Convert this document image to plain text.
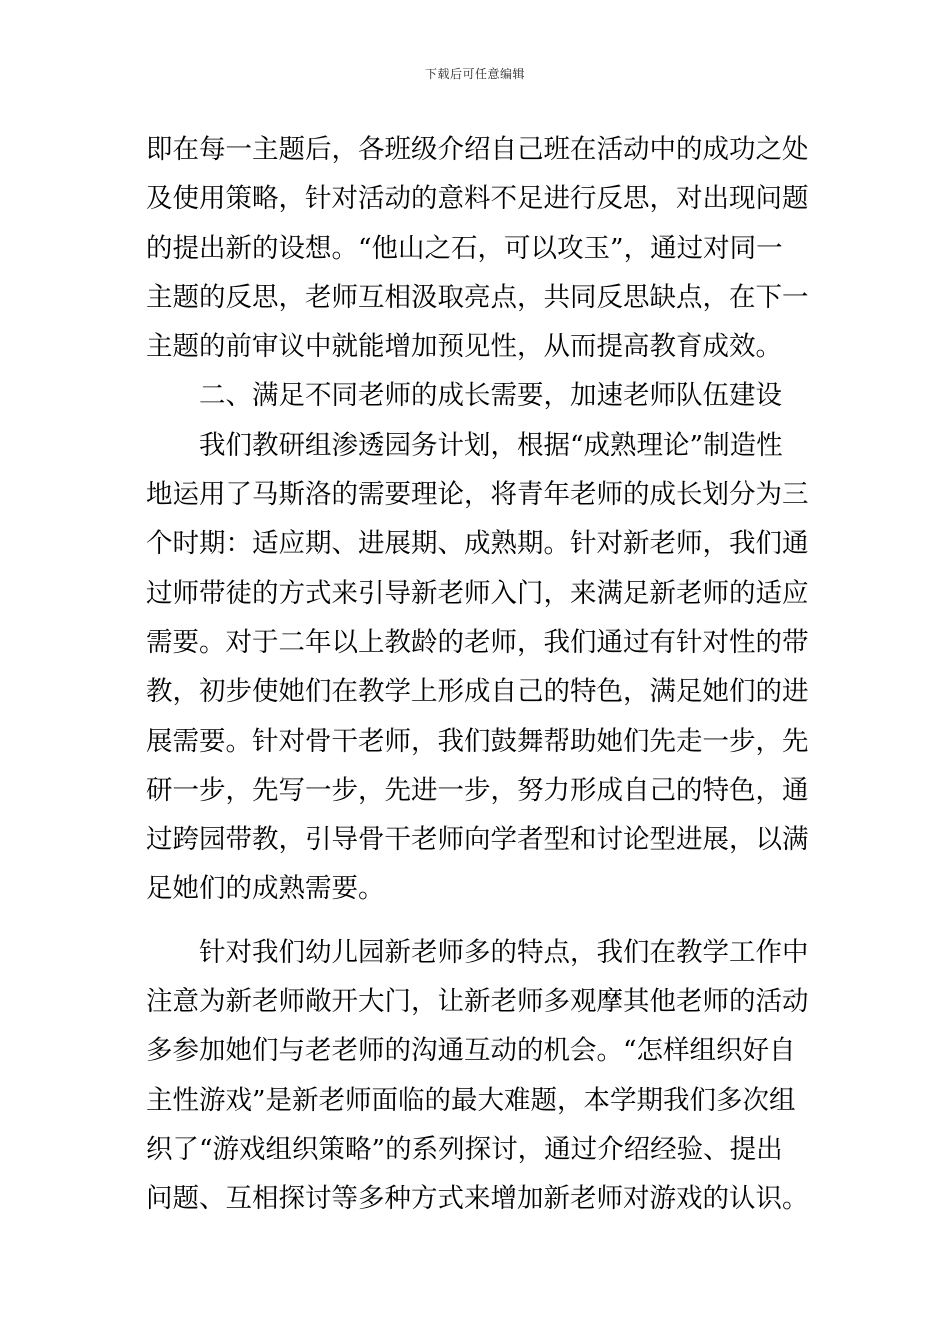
下载后可任意编辑
即在每一主题后，各班级介绍自己班在活动中的成功之处
及使用策略，针对活动的意料不足进行反思，对出现问题
的提出新的设想。“他山之石，可以攻玉”，通过对同一
主题的反思，老师互相汲取亮点，共同反思缺点，在下一
主题的前审议中就能增加预见性，从而提高教育成效。
二、满足不同老师的成长需要，加速老师队伍建设
我们教研组渗透园务计划，根据“成熟理论”制造性
地运用了马斯洛的需要理论，将青年老师的成长划分为三
个时期：适应期、进展期、成熟期。针对新老师，我们通
过师带徒的方式来引导新老师入门，来满足新老师的适应
需要。对于二年以上教龄的老师，我们通过有针对性的带
教，初步使她们在教学上形成自己的特色，满足她们的进
展需要。针对骨干老师，我们鼓舞帮助她们先走一步，先
研一步，先写一步，先进一步，努力形成自己的特色，通
过跨园带教，引导骨干老师向学者型和讨论型进展，以满
足她们的成熟需要。
针对我们幼儿园新老师多的特点，我们在教学工作中
注意为新老师敞开大门，让新老师多观摩其他老师的活动
多参加她们与老老师的沟通互动的机会。“怎样组织好自
主性游戏”是新老师面临的最大难题，本学期我们多次组
织了“游戏组织策略”的系列探讨，通过介绍经验、提出
问题、互相探讨等多种方式来增加新老师对游戏的认识。
